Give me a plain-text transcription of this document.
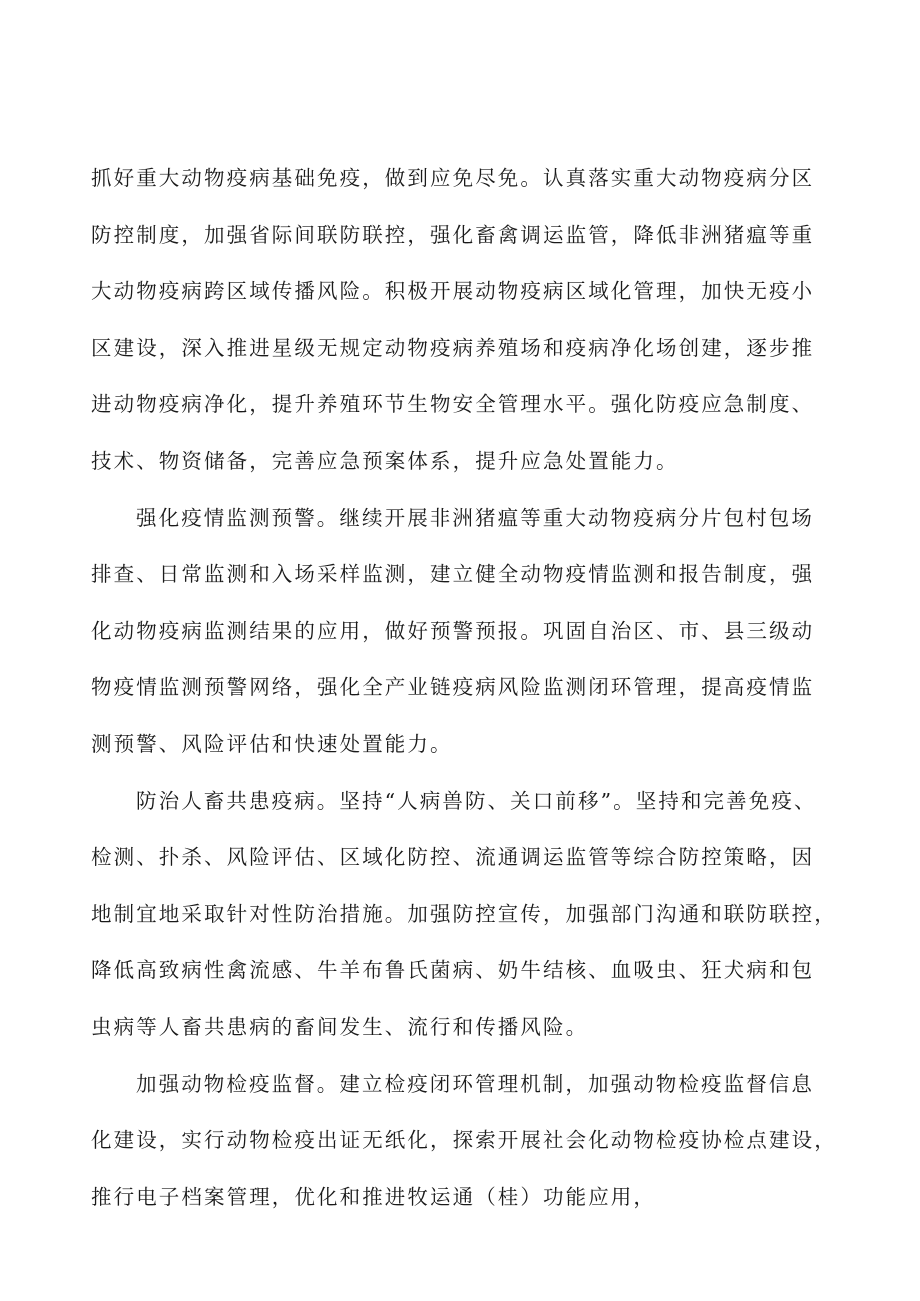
抓好重大动物疫病基础免疫，做到应免尽免。认真落实重大动物疫病分区
防控制度，加强省际间联防联控，强化畜禽调运监管，降低非洲猪瘟等重
大动物疫病跨区域传播风险。积极开展动物疫病区域化管理，加快无疫小
区建设，深入推进星级无规定动物疫病养殖场和疫病净化场创建，逐步推
进动物疫病净化，提升养殖环节生物安全管理水平。强化防疫应急制度、
技术、物资储备，完善应急预案体系，提升应急处置能力。
强化疫情监测预警。继续开展非洲猪瘟等重大动物疫病分片包村包场
排查、日常监测和入场采样监测，建立健全动物疫情监测和报告制度，强
化动物疫病监测结果的应用，做好预警预报。巩固自治区、市、县三级动
物疫情监测预警网络，强化全产业链疫病风险监测闭环管理，提高疫情监
测预警、风险评估和快速处置能力。
防治人畜共患疫病。坚持“人病兽防、关口前移”。坚持和完善免疫、
检测、扑杀、风险评估、区域化防控、流通调运监管等综合防控策略，因
地制宜地采取针对性防治措施。加强防控宣传，加强部门沟通和联防联控，
降低高致病性禽流感、牛羊布鲁氏菌病、奶牛结核、血吸虫、狂犬病和包
虫病等人畜共患病的畜间发生、流行和传播风险。
加强动物检疫监督。建立检疫闭环管理机制，加强动物检疫监督信息
化建设，实行动物检疫出证无纸化，探索开展社会化动物检疫协检点建设，
推行电子档案管理，优化和推进牧运通（桂）功能应用，
